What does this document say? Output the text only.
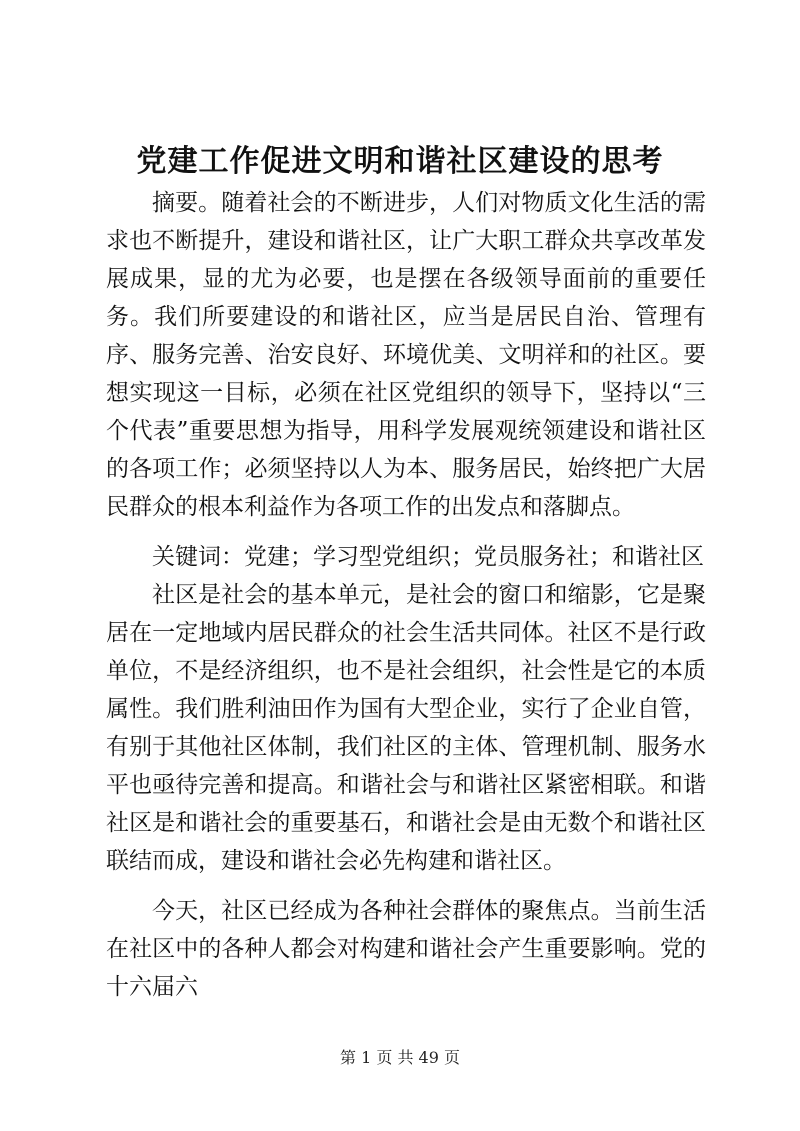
党建工作促进文明和谐社区建设的思考

摘要。随着社会的不断进步，人们对物质文化生活的需求也不断提升，建设和谐社区，让广大职工群众共享改革发展成果，显的尤为必要，也是摆在各级领导面前的重要任务。我们所要建设的和谐社区，应当是居民自治、管理有序、服务完善、治安良好、环境优美、文明祥和的社区。要想实现这一目标，必须在社区党组织的领导下，坚持以“三个代表”重要思想为指导，用科学发展观统领建设和谐社区的各项工作；必须坚持以人为本、服务居民，始终把广大居民群众的根本利益作为各项工作的出发点和落脚点。

关键词：党建；学习型党组织；党员服务社；和谐社区

社区是社会的基本单元，是社会的窗口和缩影，它是聚居在一定地域内居民群众的社会生活共同体。社区不是行政单位，不是经济组织，也不是社会组织，社会性是它的本质属性。我们胜利油田作为国有大型企业，实行了企业自管，有别于其他社区体制，我们社区的主体、管理机制、服务水平也亟待完善和提高。和谐社会与和谐社区紧密相联。和谐社区是和谐社会的重要基石，和谐社会是由无数个和谐社区联结而成，建设和谐社会必先构建和谐社区。

今天，社区已经成为各种社会群体的聚焦点。当前生活在社区中的各种人都会对构建和谐社会产生重要影响。党的十六届六

第 1 页 共 49 页
